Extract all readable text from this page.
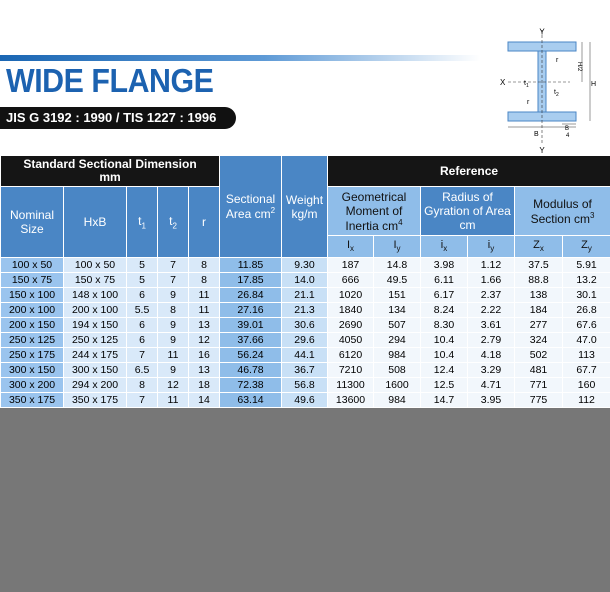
WIDE FLANGE
JIS G 3192 : 1990 / TIS 1227 : 1996
Y
Y
X	$t_1$
$t_2$
r
r
H
H/2
B
B
4
Standard Sectional Dimension
mm					Sectional Area $cm^2$	Weight kg/m	Reference					
Nominal Size	HxB	$t_1$	$t_2$	r			Geometrical Moment of Inertia $cm^4$		Radius of Gyration of Area cm		Modulus of Section $cm^3$
							$I_x$	$I_y$	$i_x$	$i_y$	$Z_x$	$Z_y$
100 x 50	100 x 50	5	7	8	11.85	9.30	187	14.8	3.98	1.12	37.5	5.91
150 x 75	150 x 75	5	7	8	17.85	14.0	666	49.5	6.11	1.66	88.8	13.2
150 x 100	148 x 100	6	9	11	26.84	21.1	1020	151	6.17	2.37	138	30.1
200 x 100	200 x 100	5.5	8	11	27.16	21.3	1840	134	8.24	2.22	184	26.8
200 x 150	194 x 150	6	9	13	39.01	30.6	2690	507	8.30	3.61	277	67.6
250 x 125	250 x 125	6	9	12	37.66	29.6	4050	294	10.4	2.79	324	47.0
250 x 175	244 x 175	7	11	16	56.24	44.1	6120	984	10.4	4.18	502	113
300 x 150	300 x 150	6.5	9	13	46.78	36.7	7210	508	12.4	3.29	481	67.7
300 x 200	294 x 200	8	12	18	72.38	56.8	11300	1600	12.5	4.71	771	160
350 x 175	350 x 175	7	11	14	63.14	49.6	13600	984	14.7	3.95	775	112
